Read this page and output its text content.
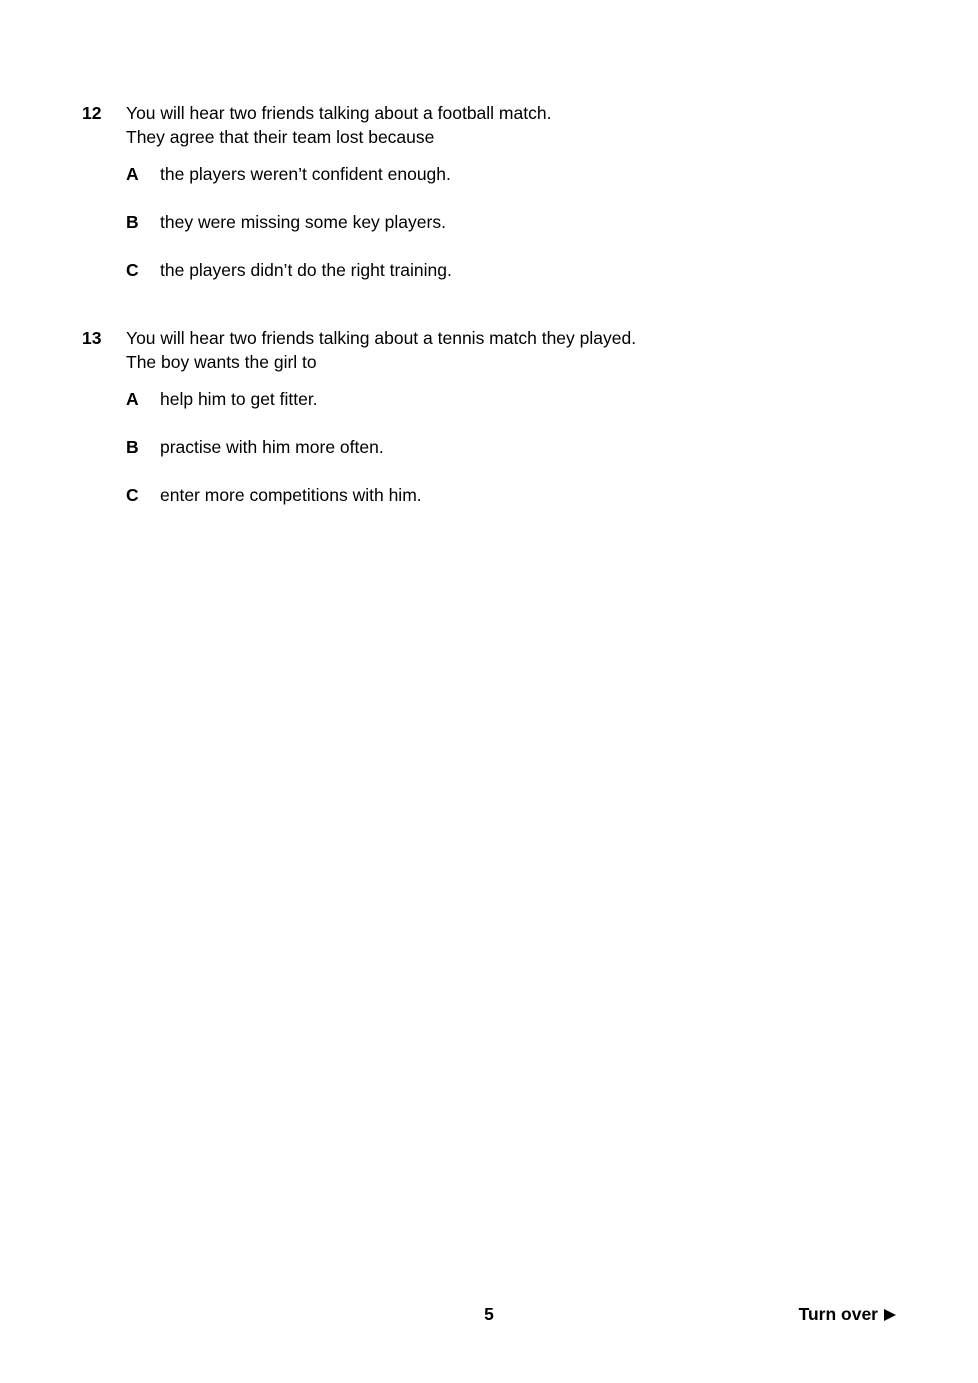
12 You will hear two friends talking about a football match.
They agree that their team lost because
A the players weren’t confident enough.
B they were missing some key players.
C the players didn’t do the right training.
13 You will hear two friends talking about a tennis match they played.
The boy wants the girl to
A help him to get fitter.
B practise with him more often.
C enter more competitions with him.
5	Turn over
